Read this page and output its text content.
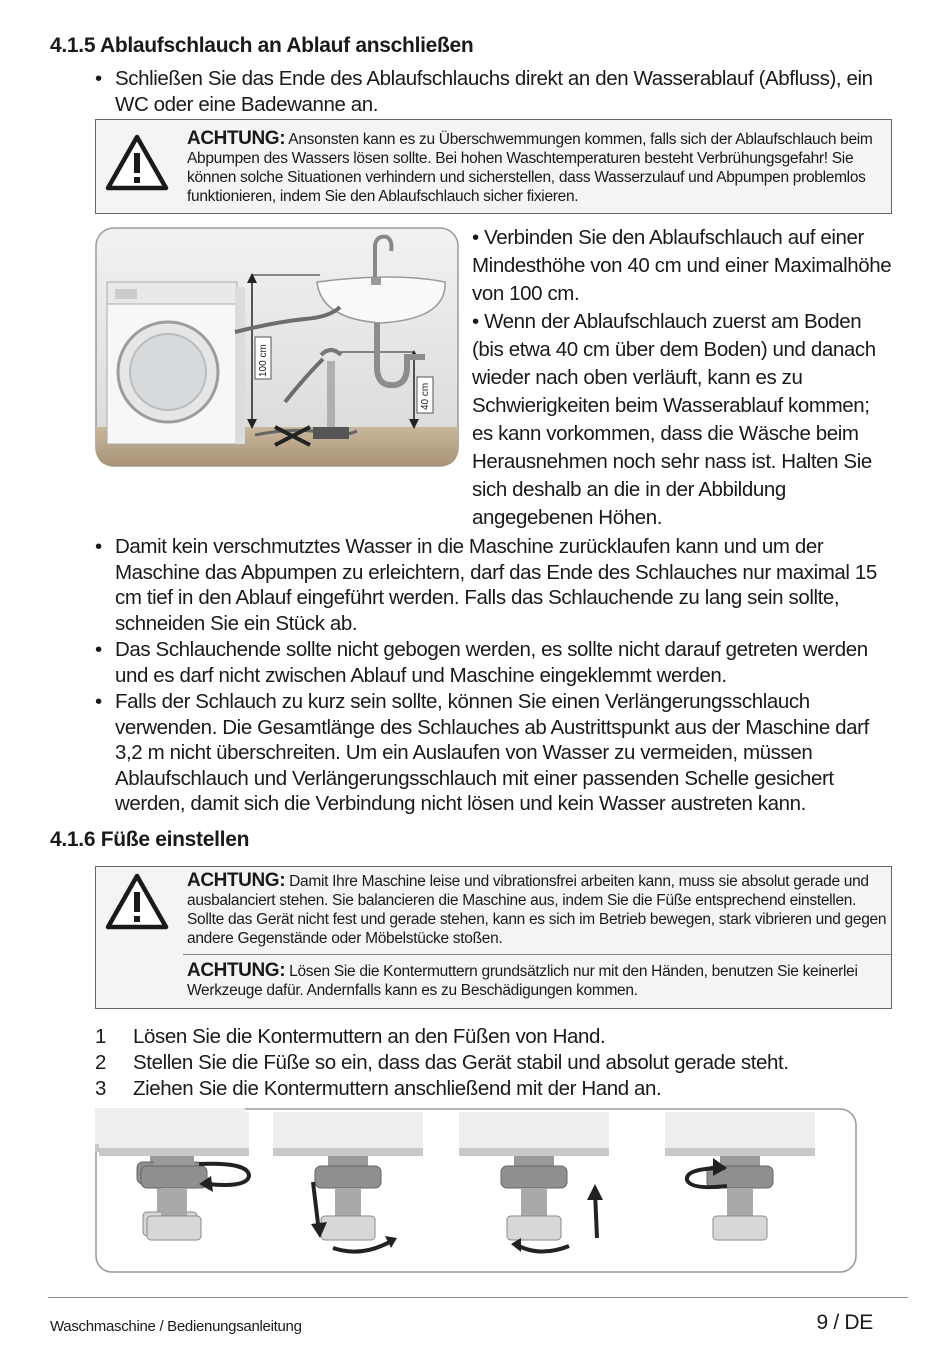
4.1.5 Ablaufschlauch an Ablauf anschließen
• Schließen Sie das Ende des Ablaufschlauchs direkt an den Wasserablauf (Abfluss), ein WC oder eine Badewanne an.
ACHTUNG: Ansonsten kann es zu Überschwemmungen kommen, falls sich der Ablaufschlauch beim Abpumpen des Wassers lösen sollte. Bei hohen Waschtemperaturen besteht Verbrühungsgefahr! Sie können solche Situationen verhindern und sicherstellen, dass Wasserzulauf und Abpumpen problemlos funktionieren, indem Sie den Ablaufschlauch sicher fixieren.
100 cm
40 cm
• Verbinden Sie den Ablaufschlauch auf einer Mindesthöhe von 40 cm und einer Maximalhöhe von 100 cm.
• Wenn der Ablaufschlauch zuerst am Boden (bis etwa 40 cm über dem Boden) und danach wieder nach oben verläuft, kann es zu Schwierigkeiten beim Wasserablauf kommen; es kann vorkommen, dass die Wäsche beim Herausnehmen noch sehr nass ist. Halten Sie sich deshalb an die in der Abbildung angegebenen Höhen.
• Damit kein verschmutztes Wasser in die Maschine zurücklaufen kann und um der Maschine das Abpumpen zu erleichtern, darf das Ende des Schlauches nur maximal 15 cm tief in den Ablauf eingeführt werden. Falls das Schlauchende zu lang sein sollte, schneiden Sie ein Stück ab.
• Das Schlauchende sollte nicht gebogen werden, es sollte nicht darauf getreten werden und es darf nicht zwischen Ablauf und Maschine eingeklemmt werden.
• Falls der Schlauch zu kurz sein sollte, können Sie einen Verlängerungsschlauch verwenden. Die Gesamtlänge des Schlauches ab Austrittspunkt aus der Maschine darf 3,2 m nicht überschreiten. Um ein Auslaufen von Wasser zu vermeiden, müssen Ablaufschlauch und Verlängerungsschlauch mit einer passenden Schelle gesichert werden, damit sich die Verbindung nicht lösen und kein Wasser austreten kann.
4.1.6 Füße einstellen
ACHTUNG: Damit Ihre Maschine leise und vibrationsfrei arbeiten kann, muss sie absolut gerade und ausbalanciert stehen. Sie balancieren die Maschine aus, indem Sie die Füße entsprechend einstellen. Sollte das Gerät nicht fest und gerade stehen, kann es sich im Betrieb bewegen, stark vibrieren und gegen andere Gegenstände oder Möbelstücke stoßen.
ACHTUNG: Lösen Sie die Kontermuttern grundsätzlich nur mit den Händen, benutzen Sie keinerlei Werkzeuge dafür. Andernfalls kann es zu Beschädigungen kommen.
1	Lösen Sie die Kontermuttern an den Füßen von Hand.
2	Stellen Sie die Füße so ein, dass das Gerät stabil und absolut gerade steht.
3	Ziehen Sie die Kontermuttern anschließend mit der Hand an.
Waschmaschine / Bedienungsanleitung	9 / DE
